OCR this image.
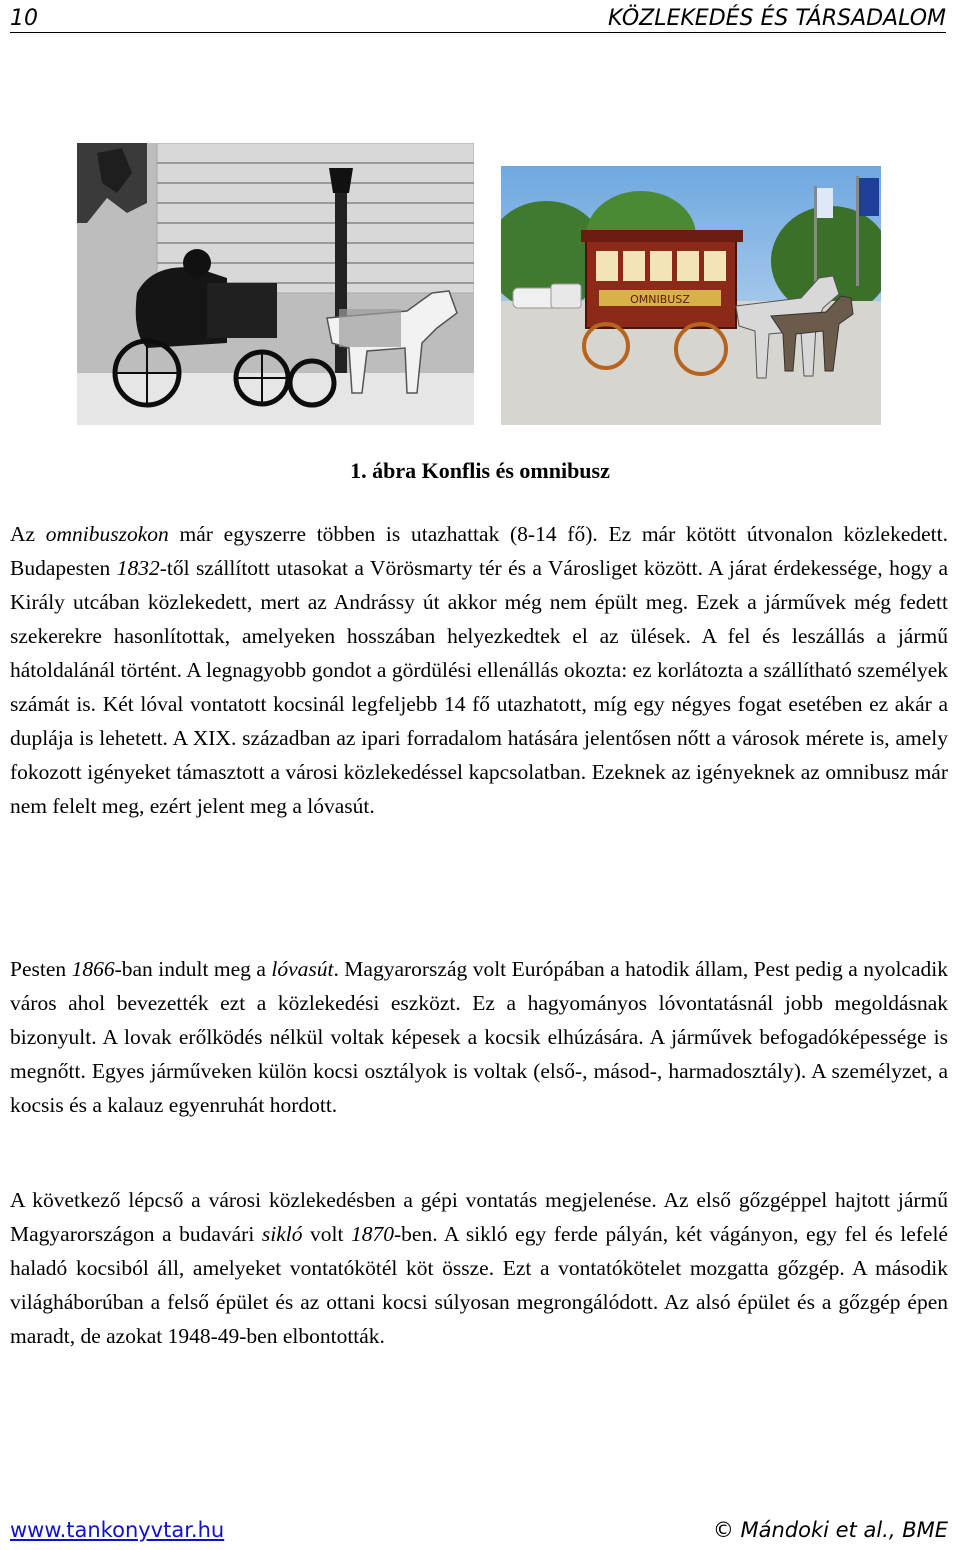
10	KÖZLEKEDÉS ÉS TÁRSADALOM
OMNIBUSZ
1. ábra Konflis és omnibusz
Az omnibuszokon már egyszerre többen is utazhattak (8-14 fő). Ez már kötött útvonalon közlekedett. Budapesten 1832-től szállított utasokat a Vörösmarty tér és a Városliget között. A járat érdekessége, hogy a Király utcában közlekedett, mert az Andrássy út akkor még nem épült meg. Ezek a járművek még fedett szekerekre hasonlítottak, amelyeken hosszában helyezkedtek el az ülések. A fel és leszállás a jármű hátoldalánál történt. A legnagyobb gondot a gördülési ellenállás okozta: ez korlátozta a szállítható személyek számát is. Két lóval vontatott kocsinál legfeljebb 14 fő utazhatott, míg egy négyes fogat esetében ez akár a duplája is lehetett. A XIX. században az ipari forradalom hatására jelentősen nőtt a városok mérete is, amely fokozott igényeket támasztott a városi közlekedéssel kapcsolatban. Ezeknek az igényeknek az omnibusz már nem felelt meg, ezért jelent meg a lóvasút.
Pesten 1866-ban indult meg a lóvasút. Magyarország volt Európában a hatodik állam, Pest pedig a nyolcadik város ahol bevezették ezt a közlekedési eszközt. Ez a hagyományos lóvontatásnál jobb megoldásnak bizonyult. A lovak erőlködés nélkül voltak képesek a kocsik elhúzására. A járművek befogadóképessége is megnőtt. Egyes járműveken külön kocsi osztályok is voltak (első-, másod-, harmadosztály). A személyzet, a kocsis és a kalauz egyenruhát hordott.
A következő lépcső a városi közlekedésben a gépi vontatás megjelenése. Az első gőzgéppel hajtott jármű Magyarországon a budavári sikló volt 1870-ben. A sikló egy ferde pályán, két vágányon, egy fel és lefelé haladó kocsiból áll, amelyeket vontatókötél köt össze. Ezt a vontatókötelet mozgatta gőzgép. A második világháborúban a felső épület és az ottani kocsi súlyosan megrongálódott. Az alsó épület és a gőzgép épen maradt, de azokat 1948-49-ben elbontották.
www.tankonyvtar.hu	© Mándoki et al., BME
